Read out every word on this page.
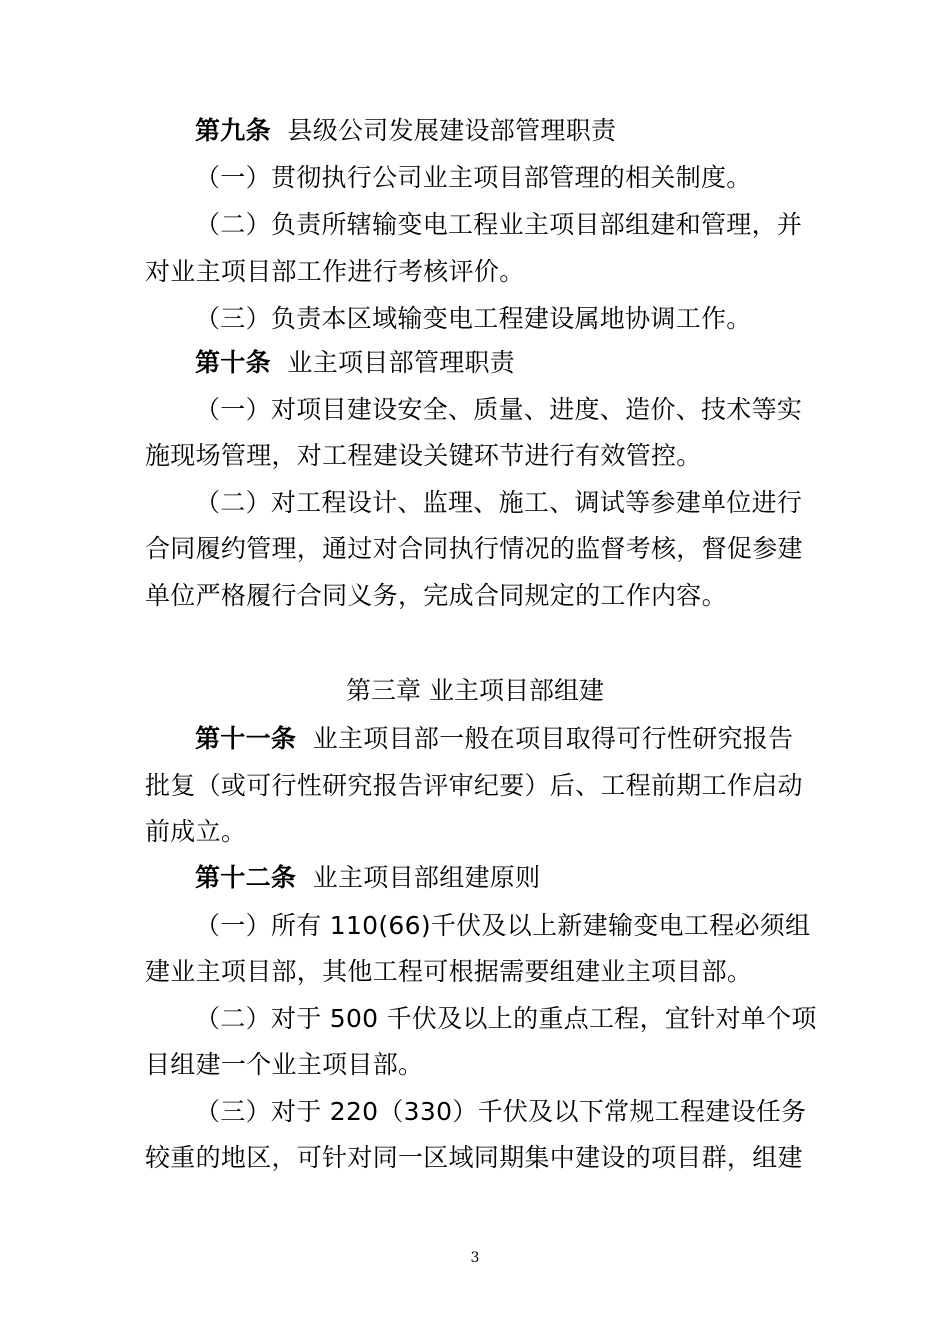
第九条 县级公司发展建设部管理职责
（一）贯彻执行公司业主项目部管理的相关制度。
（二）负责所辖输变电工程业主项目部组建和管理，并
对业主项目部工作进行考核评价。
（三）负责本区域输变电工程建设属地协调工作。
第十条 业主项目部管理职责
（一）对项目建设安全、质量、进度、造价、技术等实
施现场管理，对工程建设关键环节进行有效管控。
（二）对工程设计、监理、施工、调试等参建单位进行
合同履约管理，通过对合同执行情况的监督考核，督促参建
单位严格履行合同义务，完成合同规定的工作内容。
第三章 业主项目部组建
第十一条 业主项目部一般在项目取得可行性研究报告
批复（或可行性研究报告评审纪要）后、工程前期工作启动
前成立。
第十二条 业主项目部组建原则
（一）所有 110(66)千伏及以上新建输变电工程必须组
建业主项目部，其他工程可根据需要组建业主项目部。
（二）对于 500 千伏及以上的重点工程，宜针对单个项
目组建一个业主项目部。
（三）对于 220（330）千伏及以下常规工程建设任务
较重的地区，可针对同一区域同期集中建设的项目群，组建
3
